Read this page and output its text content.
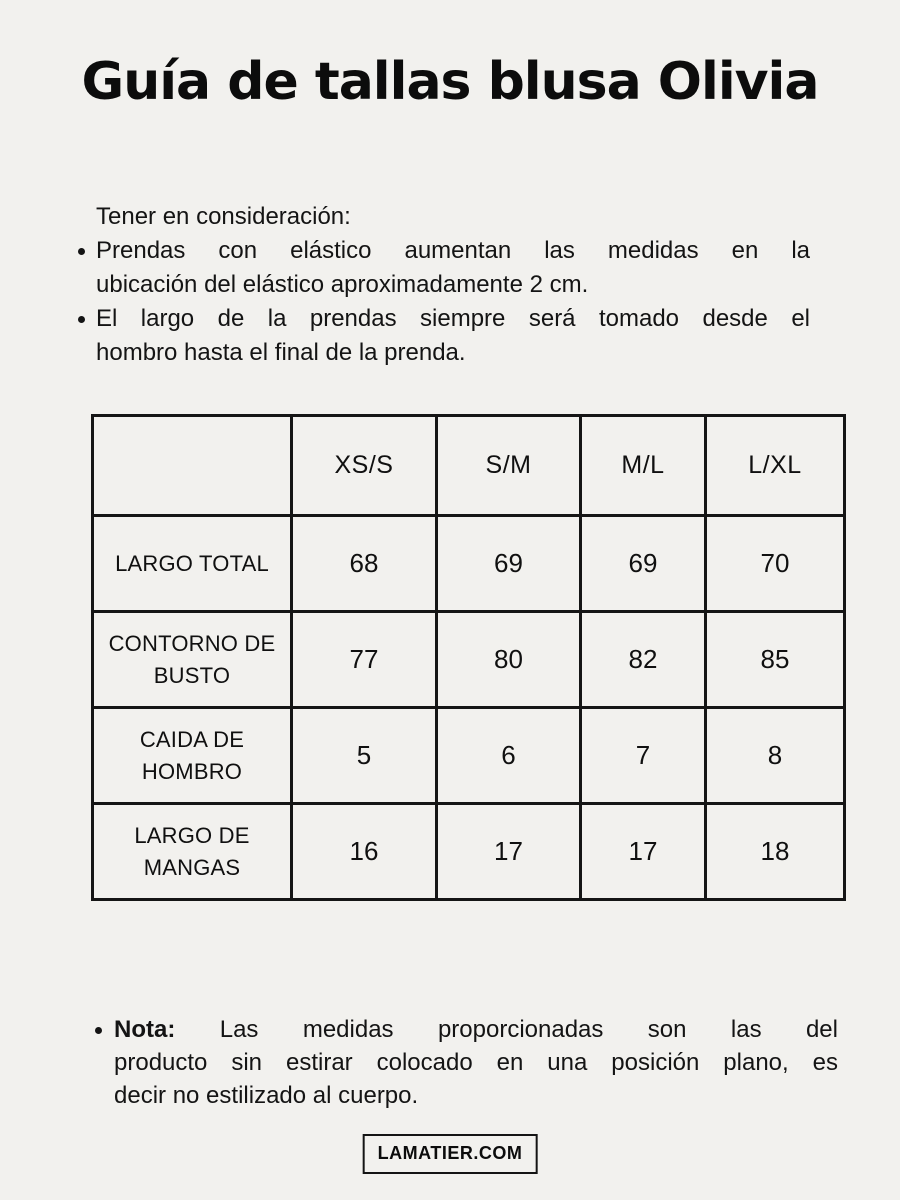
Guía de tallas blusa Olivia

Tener en consideración:

Prendas con elástico aumentan las medidas en la
ubicación del elástico aproximadamente 2 cm.
El largo de la prendas siempre será tomado desde el
hombro hasta el final de la prenda.
	XS/S	S/M	M/L	L/XL
LARGO TOTAL	68	69	69	70
CONTORNO DE BUSTO	77	80	82	85
CAIDA DE HOMBRO	5	6	7	8
LARGO DE MANGAS	16	17	17	18
Nota: Las medidas proporcionadas son las del
producto sin estirar colocado en una posición plano, es
decir no estilizado al cuerpo.
LAMATIER.COM
